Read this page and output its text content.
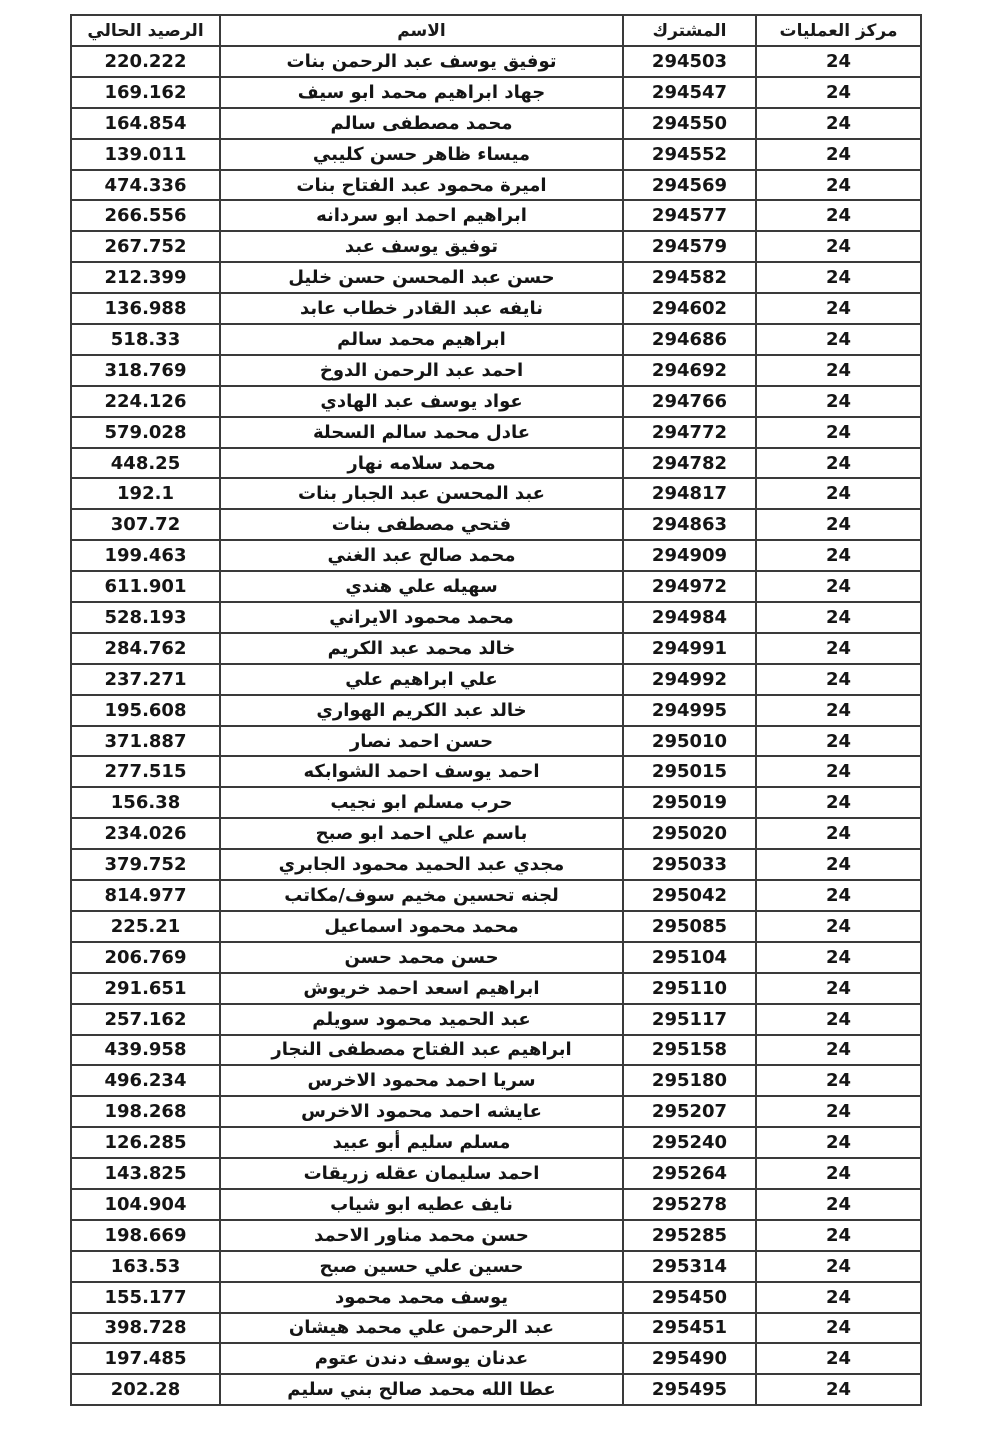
مركز العمليات	المشترك	الاسم	الرصيد الحالي
24	294503	توفيق يوسف عبد الرحمن بنات	220.222
24	294547	جهاد ابراهيم محمد ابو سيف	169.162
24	294550	محمد مصطفى سالم	164.854
24	294552	ميساء ظاهر حسن كليبي	139.011
24	294569	اميرة محمود عبد الفتاح بنات	474.336
24	294577	ابراهيم احمد ابو سردانه	266.556
24	294579	توفيق يوسف عبد	267.752
24	294582	حسن عبد المحسن حسن خليل	212.399
24	294602	نايفه عبد القادر خطاب عابد	136.988
24	294686	ابراهيم محمد سالم	518.33
24	294692	احمد عبد الرحمن الدوخ	318.769
24	294766	عواد يوسف عبد الهادي	224.126
24	294772	عادل محمد سالم السحلة	579.028
24	294782	محمد سلامه نهار	448.25
24	294817	عبد المحسن عبد الجبار بنات	192.1
24	294863	فتحي مصطفى بنات	307.72
24	294909	محمد صالح عبد الغني	199.463
24	294972	سهيله علي هندي	611.901
24	294984	محمد محمود الايراني	528.193
24	294991	خالد محمد عبد الكريم	284.762
24	294992	علي ابراهيم علي	237.271
24	294995	خالد عبد الكريم الهواري	195.608
24	295010	حسن احمد نصار	371.887
24	295015	احمد يوسف احمد الشوابكه	277.515
24	295019	حرب مسلم ابو نجيب	156.38
24	295020	باسم علي احمد ابو صبح	234.026
24	295033	مجدي عبد الحميد محمود الجابري	379.752
24	295042	لجنه تحسين مخيم سوف/مكاتب	814.977
24	295085	محمد محمود اسماعيل	225.21
24	295104	حسن محمد حسن	206.769
24	295110	ابراهيم اسعد احمد خريوش	291.651
24	295117	عبد الحميد محمود سويلم	257.162
24	295158	ابراهيم عبد الفتاح مصطفى النجار	439.958
24	295180	سريا احمد محمود الاخرس	496.234
24	295207	عايشه احمد محمود الاخرس	198.268
24	295240	مسلم سليم أبو عبيد	126.285
24	295264	احمد سليمان عقله زريقات	143.825
24	295278	نايف عطيه ابو شياب	104.904
24	295285	حسن محمد مناور الاحمد	198.669
24	295314	حسين علي حسين صبح	163.53
24	295450	يوسف محمد محمود	155.177
24	295451	عبد الرحمن علي محمد هيشان	398.728
24	295490	عدنان يوسف دندن عتوم	197.485
24	295495	عطا الله محمد صالح بني سليم	202.28
